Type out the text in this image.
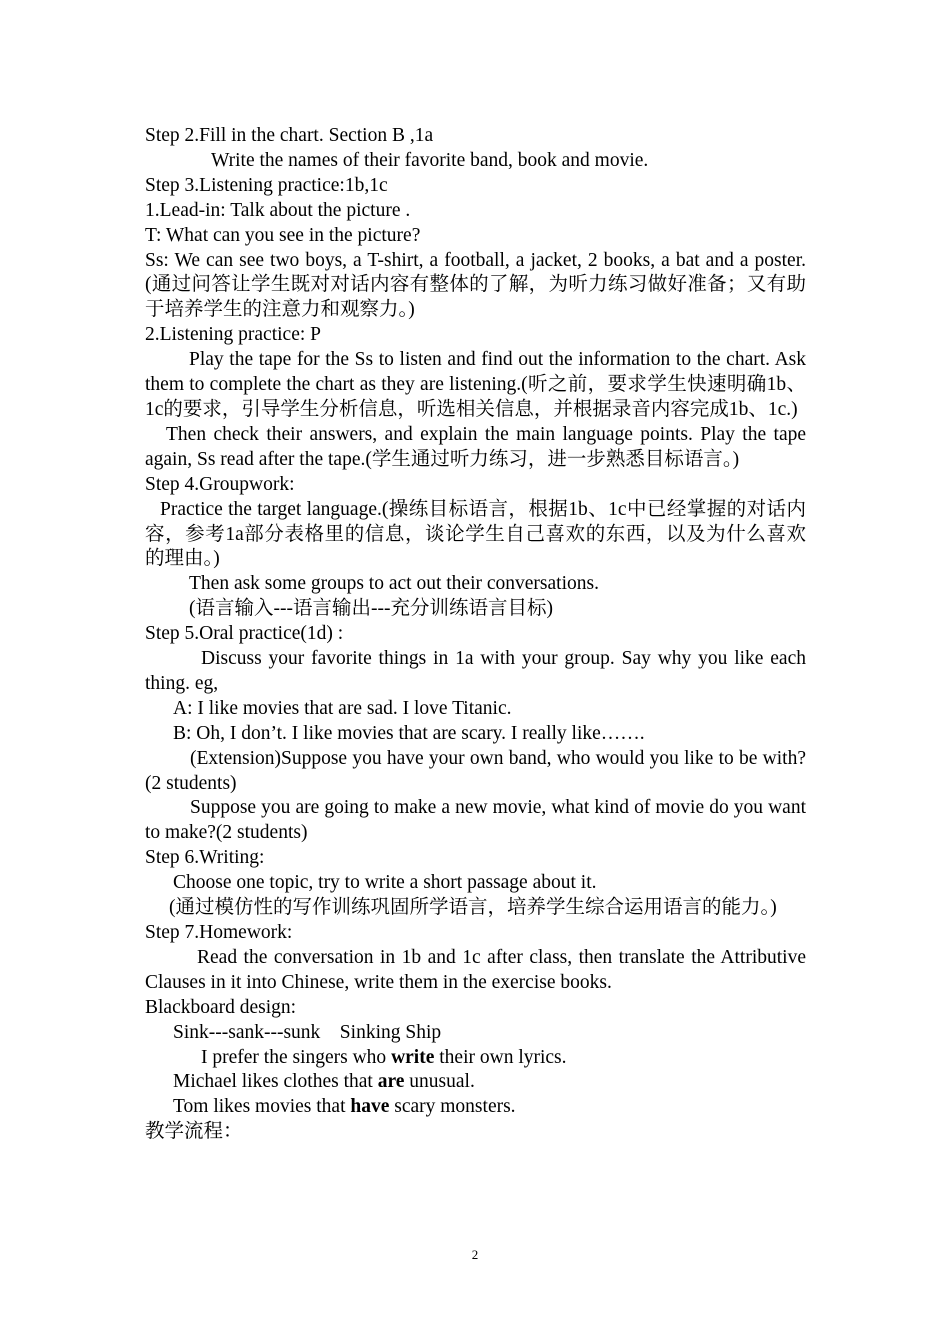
Step 2.Fill in the chart. Section B ,1a
Write the names of their favorite band, book and movie.
Step 3.Listening practice:1b,1c
1.Lead-in: Talk about the picture .
T: What can you see in the picture?
Ss: We can see two boys, a T-shirt, a football, a jacket, 2 books, a bat and a poster.(通过问答让学生既对对话内容有整体的了解，为听力练习做好准备；又有助于培养学生的注意力和观察力。)
2.Listening practice: P
Play the tape for the Ss to listen and find out the information to the chart. Ask them to complete the chart as they are listening.(听之前，要求学生快速明确1b、1c的要求，引导学生分析信息，听选相关信息，并根据录音内容完成1b、1c.)
Then check their answers, and explain the main language points. Play the tape again, Ss read after the tape.(学生通过听力练习，进一步熟悉目标语言。)
Step 4.Groupwork:
Practice the target language.(操练目标语言，根据1b、1c中已经掌握的对话内容，参考1a部分表格里的信息，谈论学生自己喜欢的东西，以及为什么喜欢的理由。)
Then ask some groups to act out their conversations.
(语言输入---语言输出---充分训练语言目标)
Step 5.Oral practice(1d) :
Discuss your favorite things in 1a with your group. Say why you like each thing. eg,
A: I like movies that are sad. I love Titanic.
B: Oh, I don’t. I like movies that are scary. I really like…….
(Extension)Suppose you have your own band, who would you like to be with?(2 students)
Suppose you are going to make a new movie, what kind of movie do you want to make?(2 students)
Step 6.Writing:
Choose one topic, try to write a short passage about it.
(通过模仿性的写作训练巩固所学语言，培养学生综合运用语言的能力。)
Step 7.Homework:
Read the conversation in 1b and 1c after class, then translate the Attributive Clauses in it into Chinese, write them in the exercise books.
Blackboard design:
Sink---sank---sunk    Sinking Ship
I prefer the singers who write their own lyrics.
Michael likes clothes that are unusual.
Tom likes movies that have scary monsters.
教学流程：
2
